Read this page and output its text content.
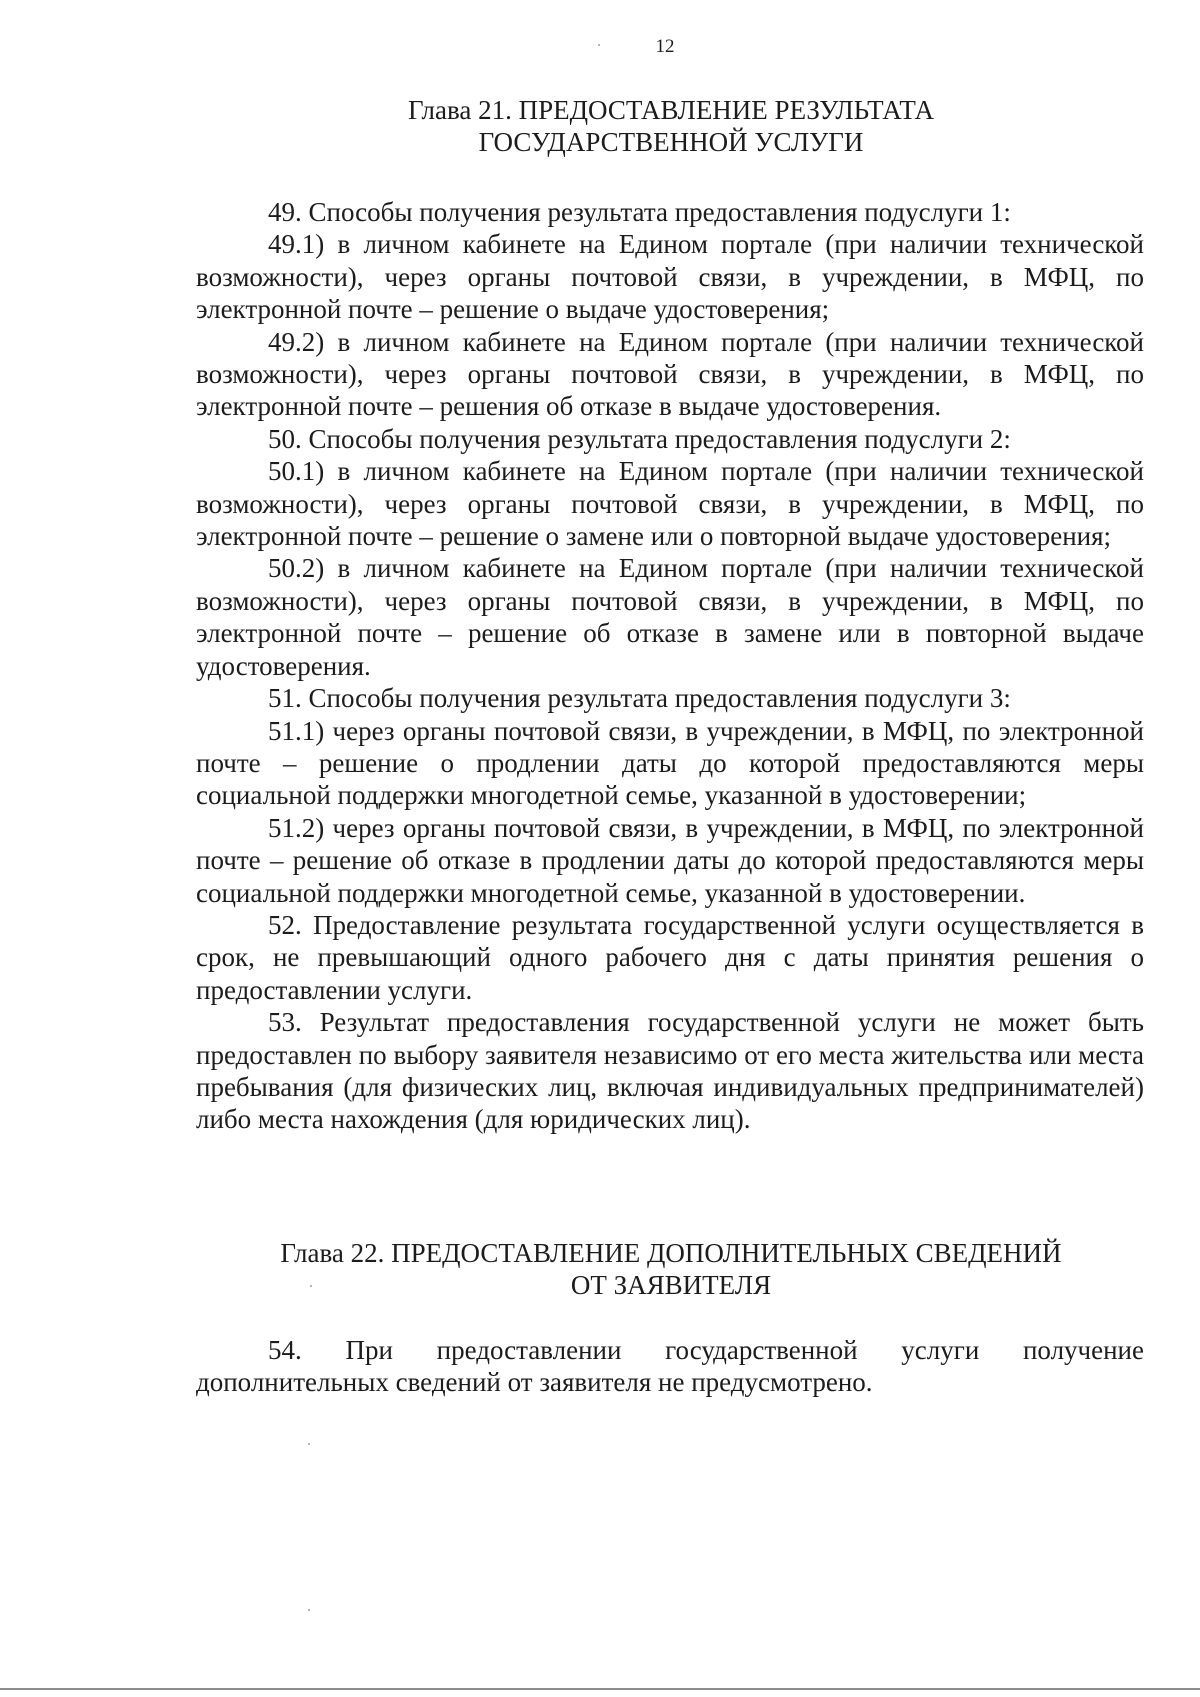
12
Глава 21. ПРЕДОСТАВЛЕНИЕ РЕЗУЛЬТАТА
ГОСУДАРСТВЕННОЙ УСЛУГИ

49. Способы получения результата предоставления подуслуги 1:

49.1) в личном кабинете на Едином портале (при наличии технической возможности), через органы почтовой связи, в учреждении, в МФЦ, по электронной почте – решение о выдаче удостоверения;

49.2) в личном кабинете на Едином портале (при наличии технической возможности), через органы почтовой связи, в учреждении, в МФЦ, по электронной почте – решения об отказе в выдаче удостоверения.

50. Способы получения результата предоставления подуслуги 2:

50.1) в личном кабинете на Едином портале (при наличии технической возможности), через органы почтовой связи, в учреждении, в МФЦ, по электронной почте – решение о замене или о повторной выдаче удостоверения;

50.2) в личном кабинете на Едином портале (при наличии технической возможности), через органы почтовой связи, в учреждении, в МФЦ, по электронной почте – решение об отказе в замене или в повторной выдаче удостоверения.

51. Способы получения результата предоставления подуслуги 3:

51.1) через органы почтовой связи, в учреждении, в МФЦ, по электронной почте – решение о продлении даты до которой предоставляются меры социальной поддержки многодетной семье, указанной в удостоверении;

51.2) через органы почтовой связи, в учреждении, в МФЦ, по электронной почте – решение об отказе в продлении даты до которой предоставляются меры социальной поддержки многодетной семье, указанной в удостоверении.

52. Предоставление результата государственной услуги осуществляется в срок, не превышающий одного рабочего дня с даты принятия решения о предоставлении услуги.

53. Результат предоставления государственной услуги не может быть предоставлен по выбору заявителя независимо от его места жительства или места пребывания (для физических лиц, включая индивидуальных предпринимателей) либо места нахождения (для юридических лиц).

Глава 22. ПРЕДОСТАВЛЕНИЕ ДОПОЛНИТЕЛЬНЫХ СВЕДЕНИЙ
ОТ ЗАЯВИТЕЛЯ

54. При предоставлении государственной услуги получение дополнительных сведений от заявителя не предусмотрено.
